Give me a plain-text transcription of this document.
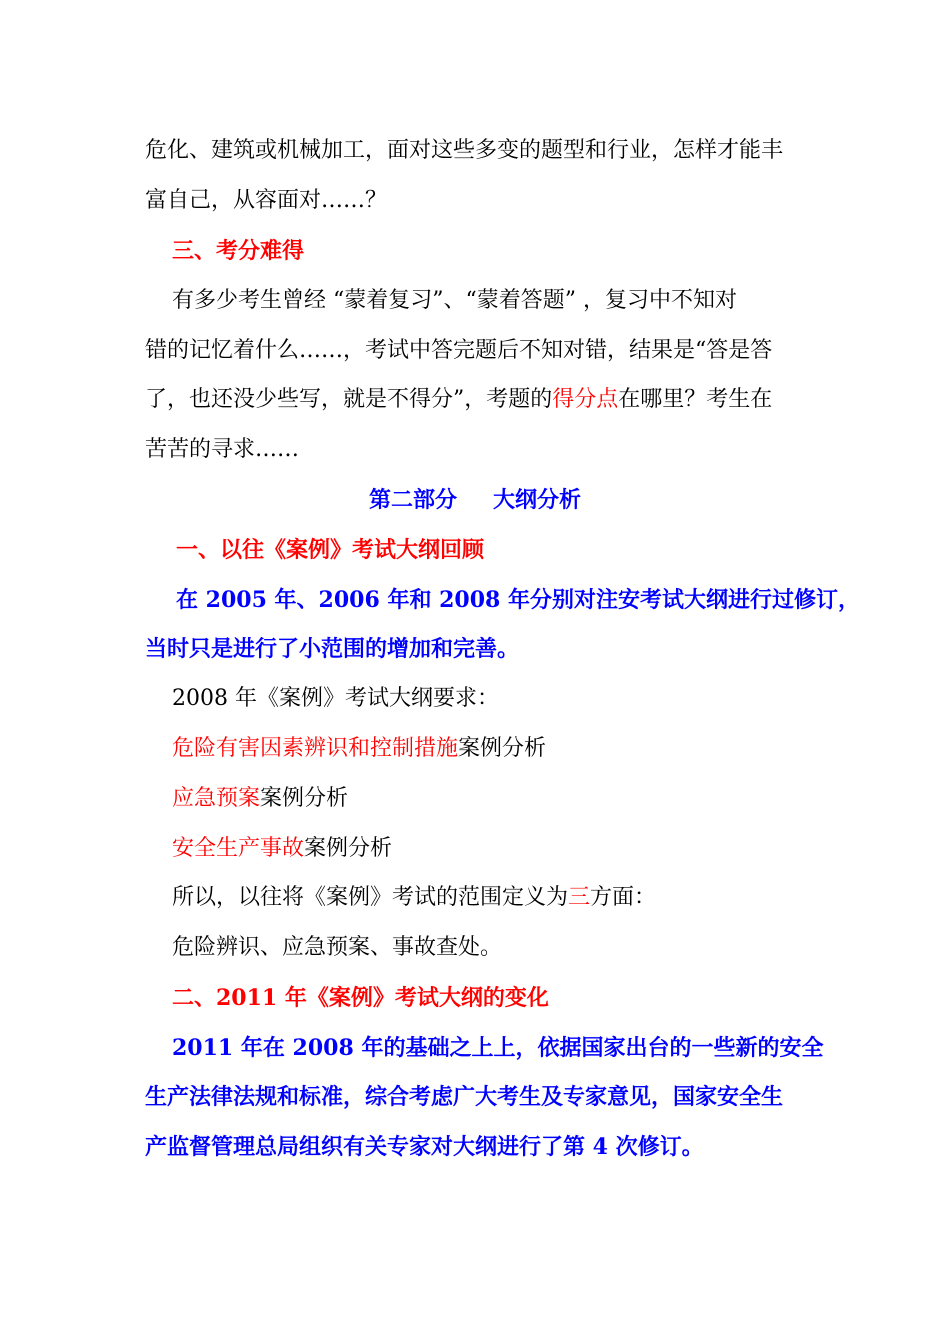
危化、建筑或机械加工，面对这些多变的题型和行业，怎样才能丰
富自己，从容面对……？
三、考分难得
有多少考生曾经 “蒙着复习”、“蒙着答题” ，复习中不知对
错的记忆着什么……，考试中答完题后不知对错，结果是“答是答
了，也还没少些写，就是不得分”，考题的得分点在哪里？考生在
苦苦的寻求……
第二部分 大纲分析
一、以往《案例》考试大纲回顾
在 2005 年、2006 年和 2008 年分别对注安考试大纲进行过修订，
当时只是进行了小范围的增加和完善。
2008 年《案例》考试大纲要求：
危险有害因素辨识和控制措施案例分析
应急预案案例分析
安全生产事故案例分析
所以，以往将《案例》考试的范围定义为三方面：
危险辨识、应急预案、事故查处。
二、2011 年《案例》考试大纲的变化
2011 年在 2008 年的基础之上上，依据国家出台的一些新的安全
生产法律法规和标准，综合考虑广大考生及专家意见，国家安全生
产监督管理总局组织有关专家对大纲进行了第 4 次修订。
